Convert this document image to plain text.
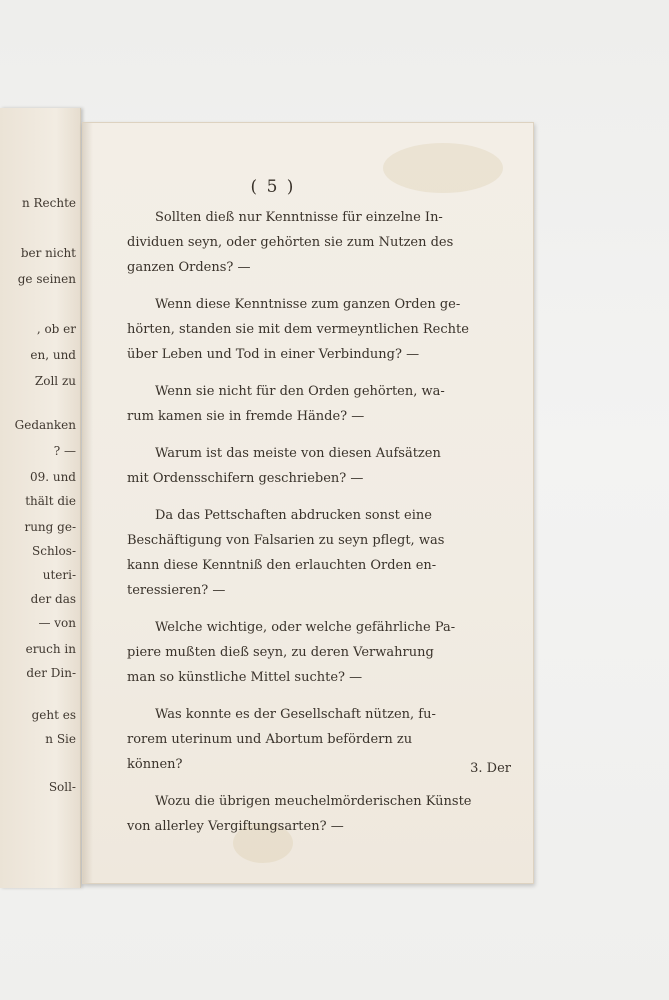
n Rechte
ber nicht
ge seinen
, ob er
en, und
Zoll zu
Gedanken
? —
09. und
thält die
rung ge-
Schlos-
uteri-
der das
— von
eruch in
der Din-
geht es
n Sie
Soll-
( 5 )
Sollten dieß nur Kenntnisse für einzelne In-
dividuen seyn, oder gehörten sie zum Nutzen des
ganzen Ordens? —
Wenn diese Kenntnisse zum ganzen Orden ge-
hörten, standen sie mit dem vermeyntlichen Rechte
über Leben und Tod in einer Verbindung? —
Wenn sie nicht für den Orden gehörten, wa-
rum kamen sie in fremde Hände? —
Warum ist das meiste von diesen Aufsätzen
mit Ordensschifern geschrieben? —
Da das Pettschaften abdrucken sonst eine
Beschäftigung von Falsarien zu seyn pflegt, was
kann diese Kenntniß den erlauchten Orden en-
teressieren? —
Welche wichtige, oder welche gefährliche Pa-
piere mußten dieß seyn, zu deren Verwahrung
man so künstliche Mittel suchte? —
Was konnte es der Gesellschaft nützen, fu-
rorem uterinum und Abortum befördern zu
können?
Wozu die übrigen meuchelmörderischen Künste
von allerley Vergiftungsarten? —
3. Der
